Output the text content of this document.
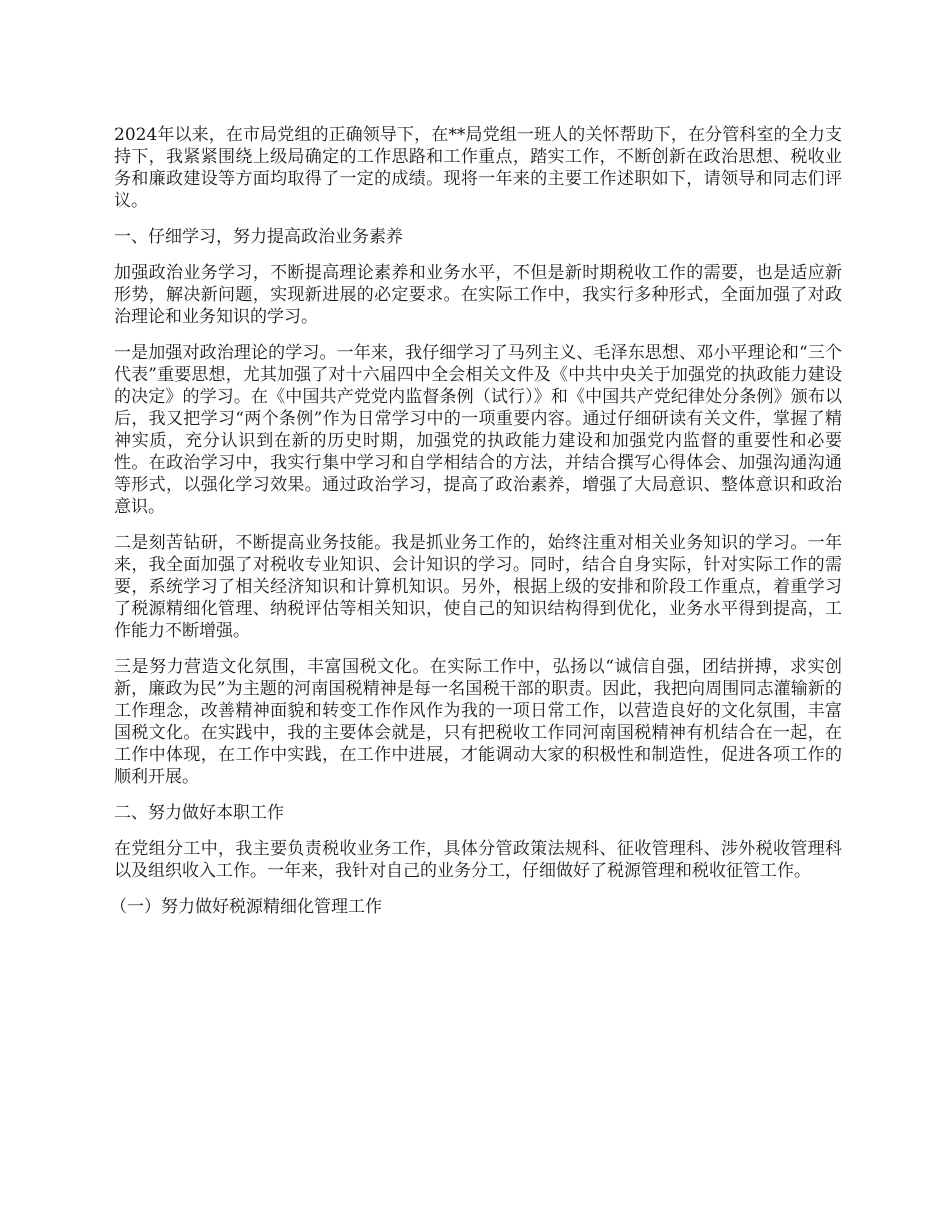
2024年以来，在市局党组的正确领导下，在**局党组一班人的关怀帮助下，在分管科室的全力支持下，我紧紧围绕上级局确定的工作思路和工作重点，踏实工作，不断创新在政治思想、税收业务和廉政建设等方面均取得了一定的成绩。现将一年来的主要工作述职如下，请领导和同志们评议。

一、仔细学习，努力提高政治业务素养

加强政治业务学习，不断提高理论素养和业务水平，不但是新时期税收工作的需要，也是适应新形势，解决新问题，实现新进展的必定要求。在实际工作中，我实行多种形式，全面加强了对政治理论和业务知识的学习。

一是加强对政治理论的学习。一年来，我仔细学习了马列主义、毛泽东思想、邓小平理论和“三个代表”重要思想，尤其加强了对十六届四中全会相关文件及《中共中央关于加强党的执政能力建设的决定》的学习。在《中国共产党党内监督条例（试行）》和《中国共产党纪律处分条例》颁布以后，我又把学习“两个条例”作为日常学习中的一项重要内容。通过仔细研读有关文件，掌握了精神实质，充分认识到在新的历史时期，加强党的执政能力建设和加强党内监督的重要性和必要性。在政治学习中，我实行集中学习和自学相结合的方法，并结合撰写心得体会、加强沟通沟通等形式，以强化学习效果。通过政治学习，提高了政治素养，增强了大局意识、整体意识和政治意识。

二是刻苦钻研，不断提高业务技能。我是抓业务工作的，始终注重对相关业务知识的学习。一年来，我全面加强了对税收专业知识、会计知识的学习。同时，结合自身实际，针对实际工作的需要，系统学习了相关经济知识和计算机知识。另外，根据上级的安排和阶段工作重点，着重学习了税源精细化管理、纳税评估等相关知识，使自己的知识结构得到优化，业务水平得到提高，工作能力不断增强。

三是努力营造文化氛围，丰富国税文化。在实际工作中，弘扬以“诚信自强，团结拼搏，求实创新，廉政为民”为主题的河南国税精神是每一名国税干部的职责。因此，我把向周围同志灌输新的工作理念，改善精神面貌和转变工作作风作为我的一项日常工作，以营造良好的文化氛围，丰富国税文化。在实践中，我的主要体会就是，只有把税收工作同河南国税精神有机结合在一起，在工作中体现，在工作中实践，在工作中进展，才能调动大家的积极性和制造性，促进各项工作的顺利开展。

二、努力做好本职工作

在党组分工中，我主要负责税收业务工作，具体分管政策法规科、征收管理科、涉外税收管理科以及组织收入工作。一年来，我针对自己的业务分工，仔细做好了税源管理和税收征管工作。

（一）努力做好税源精细化管理工作
